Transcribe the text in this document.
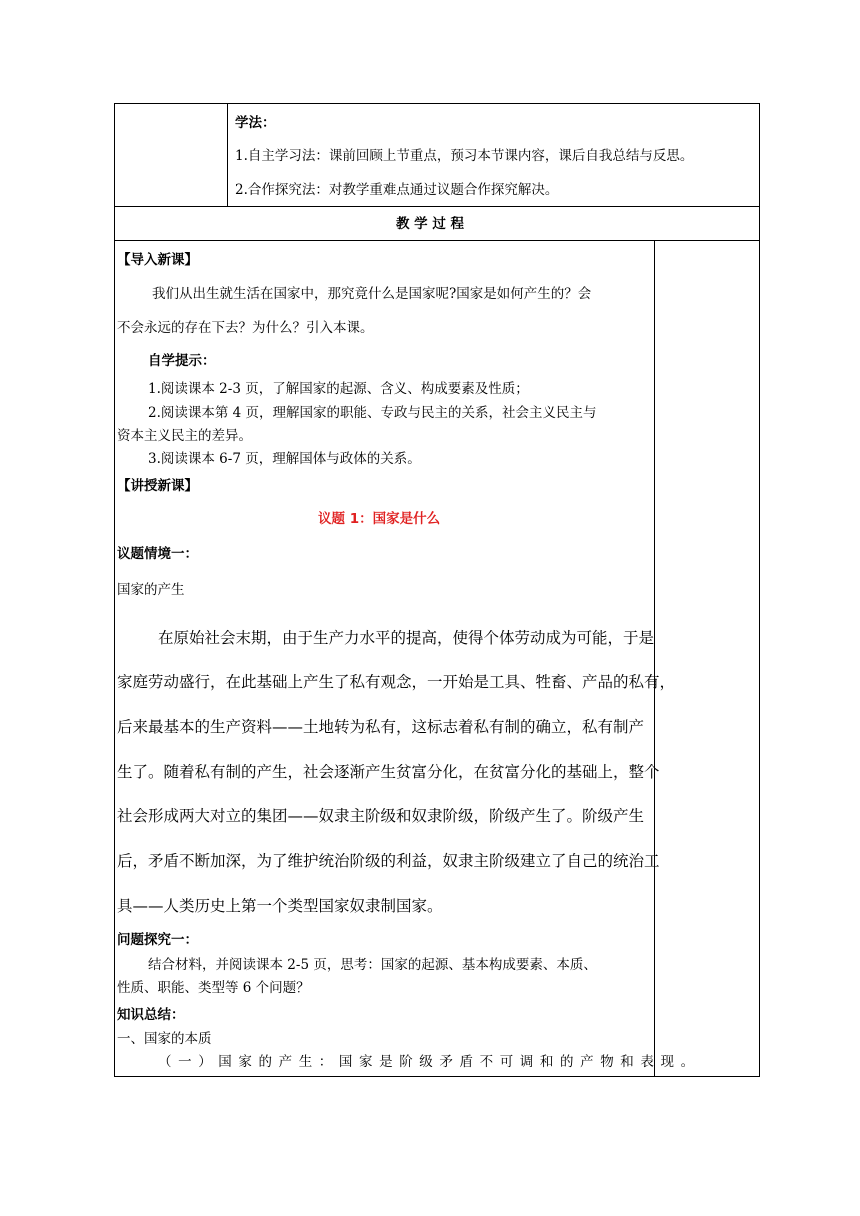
学法：
1.自主学习法：课前回顾上节重点，预习本节课内容，课后自我总结与反思。
2.合作探究法：对教学重难点通过议题合作探究解决。
教 学 过 程
【导入新课】
我们从出生就生活在国家中，那究竟什么是国家呢?国家是如何产生的？会
不会永远的存在下去？为什么？引入本课。
自学提示：
1.阅读课本 2-3 页，了解国家的起源、含义、构成要素及性质；
2.阅读课本第 4 页，理解国家的职能、专政与民主的关系，社会主义民主与
资本主义民主的差异。
3.阅读课本 6-7 页，理解国体与政体的关系。
【讲授新课】
议题 1：国家是什么
议题情境一：
国家的产生
在原始社会末期，由于生产力水平的提高，使得个体劳动成为可能，于是
家庭劳动盛行，在此基础上产生了私有观念，一开始是工具、牲畜、产品的私有，
后来最基本的生产资料——土地转为私有，这标志着私有制的确立，私有制产
生了。随着私有制的产生，社会逐渐产生贫富分化，在贫富分化的基础上，整个
社会形成两大对立的集团——奴隶主阶级和奴隶阶级，阶级产生了。阶级产生
后，矛盾不断加深，为了维护统治阶级的利益，奴隶主阶级建立了自己的统治工
具——人类历史上第一个类型国家奴隶制国家。
问题探究一：
结合材料，并阅读课本 2-5 页，思考：国家的起源、基本构成要素、本质、
性质、职能、类型等 6 个问题？
知识总结：
一、国家的本质
（一）国家的产生：国家是阶级矛盾不可调和的产物和表现。
